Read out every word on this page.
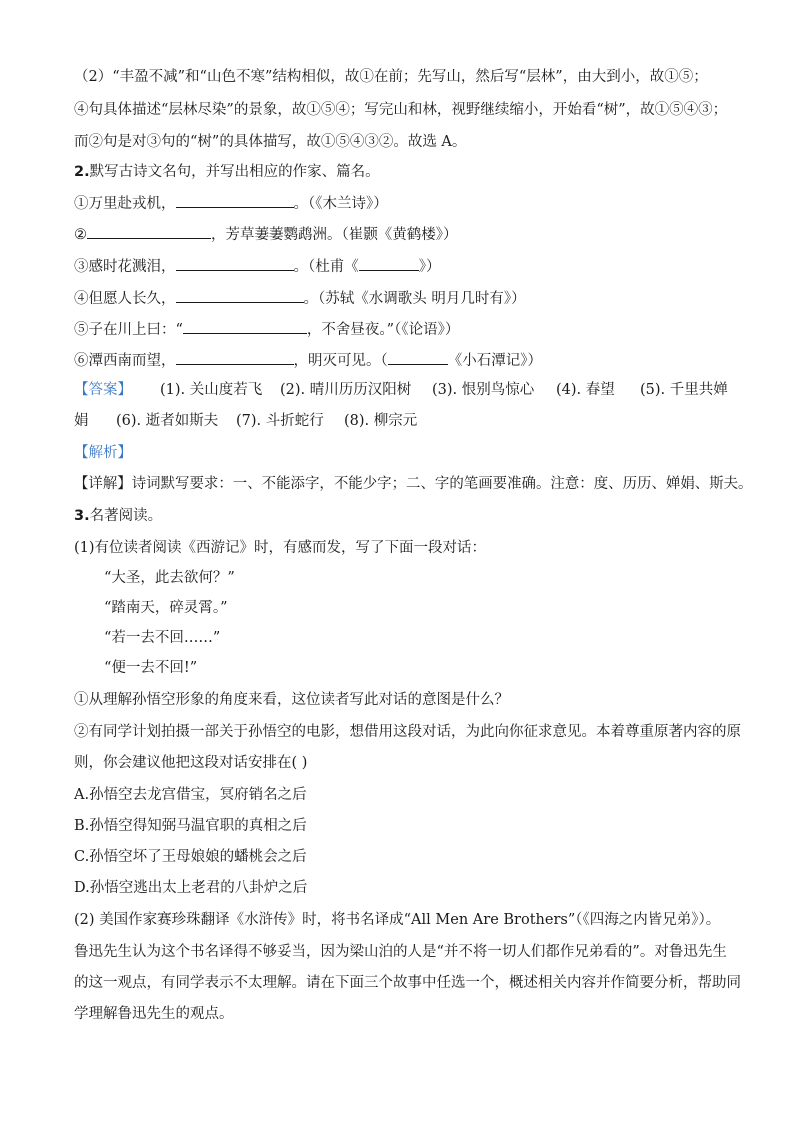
（2）“丰盈不减”和“山色不寒”结构相似，故①在前；先写山，然后写“层林”，由大到小，故①⑤；
④句具体描述“层林尽染”的景象，故①⑤④；写完山和林，视野继续缩小，开始看“树”，故①⑤④③；
而②句是对③句的“树”的具体描写，故①⑤④③②。故选 A。
2.默写古诗文名句，并写出相应的作家、篇名。
①万里赴戎机，	。（《木兰诗》）
②	，芳草萋萋鹦鹉洲。（崔颢《黄鹤楼》）
③感时花溅泪，	。（杜甫《	》）
④但愿人长久，	。（苏轼《水调歌头 明月几时有》）
⑤子在川上曰：“	，不舍昼夜。”（《论语》）
⑥潭西南而望，	，明灭可见。（	《小石潭记》）
【答案】 (1). 关山度若飞 (2). 晴川历历汉阳树 (3). 恨别鸟惊心 (4). 春望 (5). 千里共婵
娟 (6). 逝者如斯夫 (7). 斗折蛇行 (8). 柳宗元
【解析】
【详解】诗词默写要求：一、不能添字，不能少字；二、字的笔画要准确。注意：度、历历、婵娟、斯夫。
3.名著阅读。
(1)有位读者阅读《西游记》时，有感而发，写了下面一段对话：
“大圣，此去欲何？”
“踏南天，碎灵霄。”
“若一去不回……”
“便一去不回!”
①从理解孙悟空形象的角度来看，这位读者写此对话的意图是什么？
②有同学计划拍摄一部关于孙悟空的电影，想借用这段对话，为此向你征求意见。本着尊重原著内容的原
则，你会建议他把这段对话安排在( )
A.孙悟空去龙宫借宝，冥府销名之后
B.孙悟空得知弼马温官职的真相之后
C.孙悟空坏了王母娘娘的蟠桃会之后
D.孙悟空逃出太上老君的八卦炉之后
(2) 美国作家赛珍珠翻译《水浒传》时，将书名译成“All Men Are Brothers”（《四海之内皆兄弟》）。
鲁迅先生认为这个书名译得不够妥当，因为梁山泊的人是“并不将一切人们都作兄弟看的”。对鲁迅先生
的这一观点，有同学表示不太理解。请在下面三个故事中任选一个，概述相关内容并作简要分析，帮助同
学理解鲁迅先生的观点。
